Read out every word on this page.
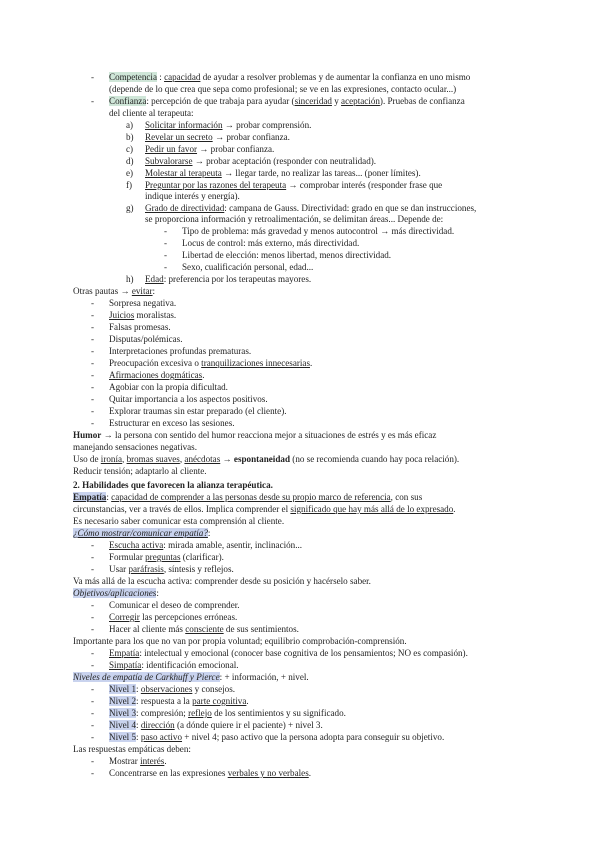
- Competencia : capacidad de ayudar a resolver problemas y de aumentar la confianza en uno mismo
(depende de lo que crea que sepa como profesional; se ve en las expresiones, contacto ocular...)
- Confianza: percepción de que trabaja para ayudar (sinceridad y aceptación). Pruebas de confianza
del cliente al terapeuta:
a) Solicitar información → probar comprensión.
b) Revelar un secreto → probar confianza.
c) Pedir un favor → probar confianza.
d) Subvalorarse → probar aceptación (responder con neutralidad).
e) Molestar al terapeuta → llegar tarde, no realizar las tareas... (poner límites).
f) Preguntar por las razones del terapeuta → comprobar interés (responder frase que
indique interés y energía).
g) Grado de directividad: campana de Gauss. Directividad: grado en que se dan instrucciones,
se proporciona información y retroalimentación, se delimitan áreas... Depende de:
- Tipo de problema: más gravedad y menos autocontrol → más directividad.
- Locus de control: más externo, más directividad.
- Libertad de elección: menos libertad, menos directividad.
- Sexo, cualificación personal, edad...
h) Edad: preferencia por los terapeutas mayores.
Otras pautas → evitar:
- Sorpresa negativa.
- Juicios moralistas.
- Falsas promesas.
- Disputas/polémicas.
- Interpretaciones profundas prematuras.
- Preocupación excesiva o tranquilizaciones innecesarias.
- Afirmaciones dogmáticas.
- Agobiar con la propia dificultad.
- Quitar importancia a los aspectos positivos.
- Explorar traumas sin estar preparado (el cliente).
- Estructurar en exceso las sesiones.
Humor → la persona con sentido del humor reacciona mejor a situaciones de estrés y es más eficaz
manejando sensaciones negativas.
Uso de ironía, bromas suaves, anécdotas → espontaneidad (no se recomienda cuando hay poca relación).
Reducir tensión; adaptarlo al cliente.
2. Habilidades que favorecen la alianza terapéutica.
Empatía: capacidad de comprender a las personas desde su propio marco de referencia, con sus
circunstancias, ver a través de ellos. Implica comprender el significado que hay más allá de lo expresado.
Es necesario saber comunicar esta comprensión al cliente.
¿Cómo mostrar/comunicar empatía?:
- Escucha activa: mirada amable, asentir, inclinación...
- Formular preguntas (clarificar).
- Usar paráfrasis, síntesis y reflejos.
Va más allá de la escucha activa: comprender desde su posición y hacérselo saber.
Objetivos/aplicaciones:
- Comunicar el deseo de comprender.
- Corregir las percepciones erróneas.
- Hacer al cliente más consciente de sus sentimientos.
Importante para los que no van por propia voluntad; equilibrio comprobación-comprensión.
- Empatía: intelectual y emocional (conocer base cognitiva de los pensamientos; NO es compasión).
- Simpatía: identificación emocional.
Niveles de empatía de Carkhuff y Pierce: + información, + nivel.
- Nivel 1: observaciones y consejos.
- Nivel 2: respuesta a la parte cognitiva.
- Nivel 3: compresión; reflejo de los sentimientos y su significado.
- Nivel 4: dirección (a dónde quiere ir el paciente) + nivel 3.
- Nivel 5: paso activo + nivel 4; paso activo que la persona adopta para conseguir su objetivo.
Las respuestas empáticas deben:
- Mostrar interés.
- Concentrarse en las expresiones verbales y no verbales.
